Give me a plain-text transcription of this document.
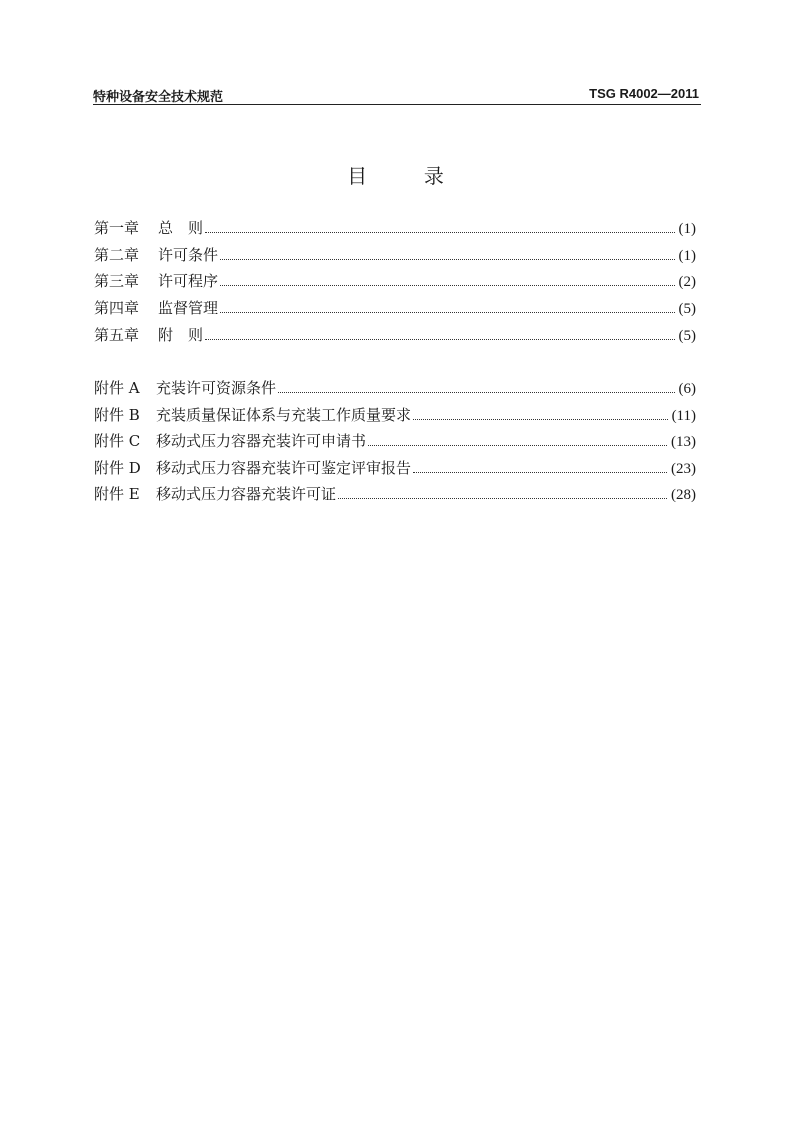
特种设备安全技术规范	TSG R4002—2011
目	录
第一章 总　则	(1)
第二章 许可条件	(1)
第三章 许可程序	(2)
第四章 监督管理	(5)
第五章 附　则	(5)
附件 A 充装许可资源条件	(6)
附件 B 充装质量保证体系与充装工作质量要求	(11)
附件 C 移动式压力容器充装许可申请书	(13)
附件 D 移动式压力容器充装许可鉴定评审报告	(23)
附件 E 移动式压力容器充装许可证	(28)
